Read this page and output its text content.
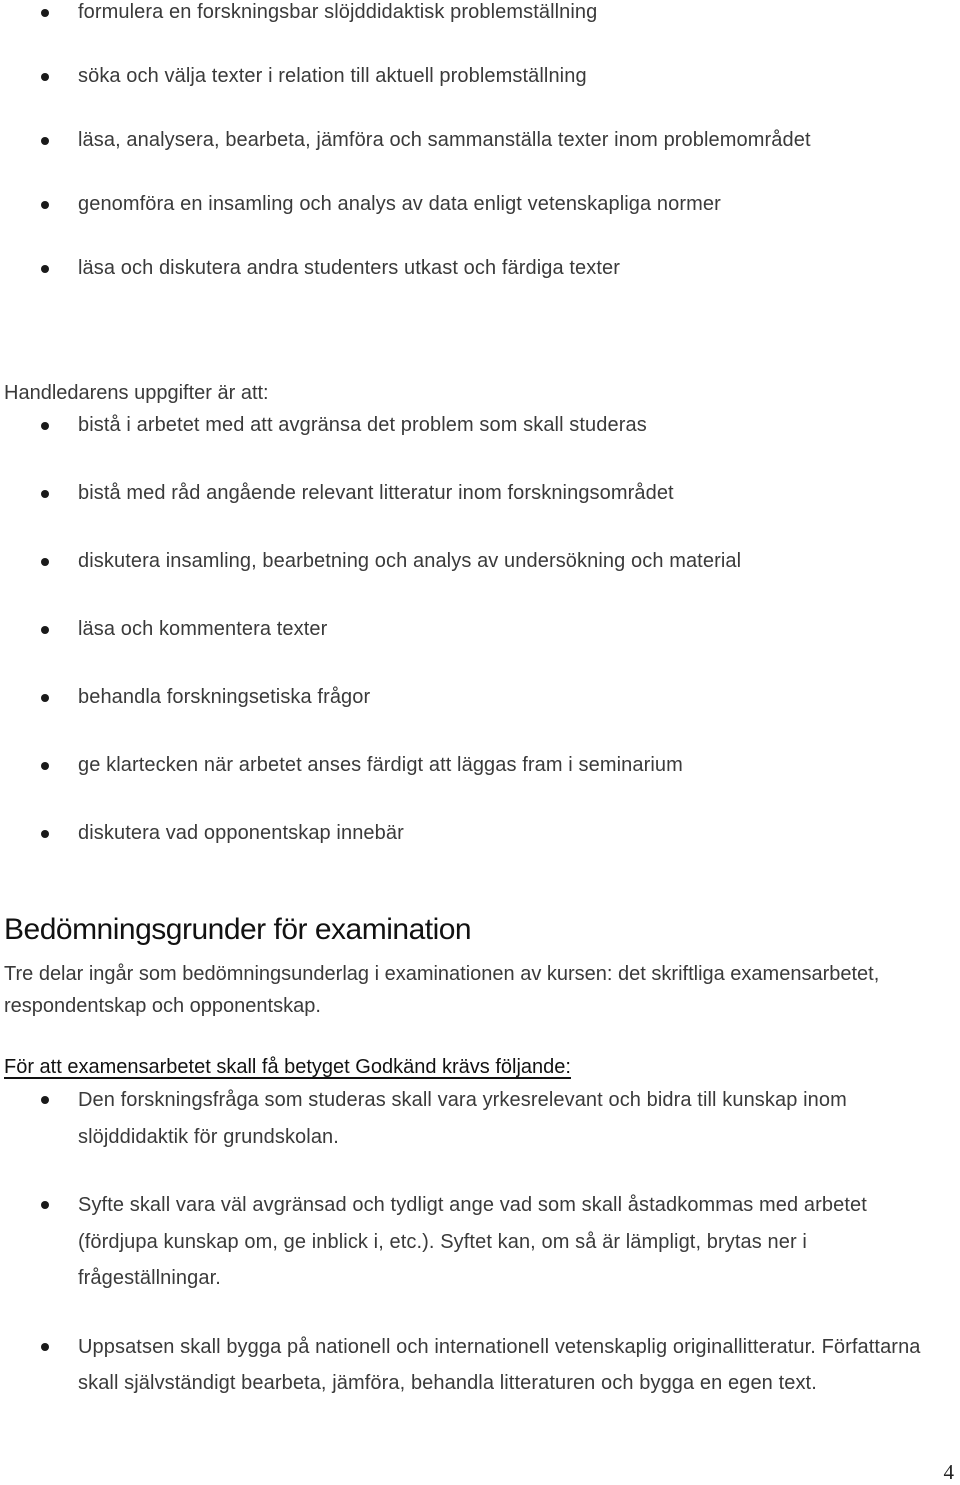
formulera en forskningsbar slöjddidaktisk problemställning
söka och välja texter i relation till aktuell problemställning
läsa, analysera, bearbeta, jämföra och sammanställa texter inom problemområdet
genomföra en insamling och analys av data enligt vetenskapliga normer
läsa och diskutera andra studenters utkast och färdiga texter
Handledarens uppgifter är att:
bistå i arbetet med att avgränsa det problem som skall studeras
bistå med råd angående relevant litteratur inom forskningsområdet
diskutera insamling, bearbetning och analys av undersökning och material
läsa och kommentera texter
behandla forskningsetiska frågor
ge klartecken när arbetet anses färdigt att läggas fram i seminarium
diskutera vad opponentskap innebär
Bedömningsgrunder för examination

Tre delar ingår som bedömningsunderlag i examinationen av kursen: det skriftliga examensarbetet, respondentskap och opponentskap.

För att examensarbetet skall få betyget Godkänd krävs följande:
Den forskningsfråga som studeras skall vara yrkesrelevant och bidra till kunskap inom slöjddidaktik för grundskolan.
Syfte skall vara väl avgränsad och tydligt ange vad som skall åstadkommas med arbetet (fördjupa kunskap om, ge inblick i, etc.). Syftet kan, om så är lämpligt, brytas ner i frågeställningar.
Uppsatsen skall bygga på nationell och internationell vetenskaplig originallitteratur. Författarna skall självständigt bearbeta, jämföra, behandla litteraturen och bygga en egen text.
4
